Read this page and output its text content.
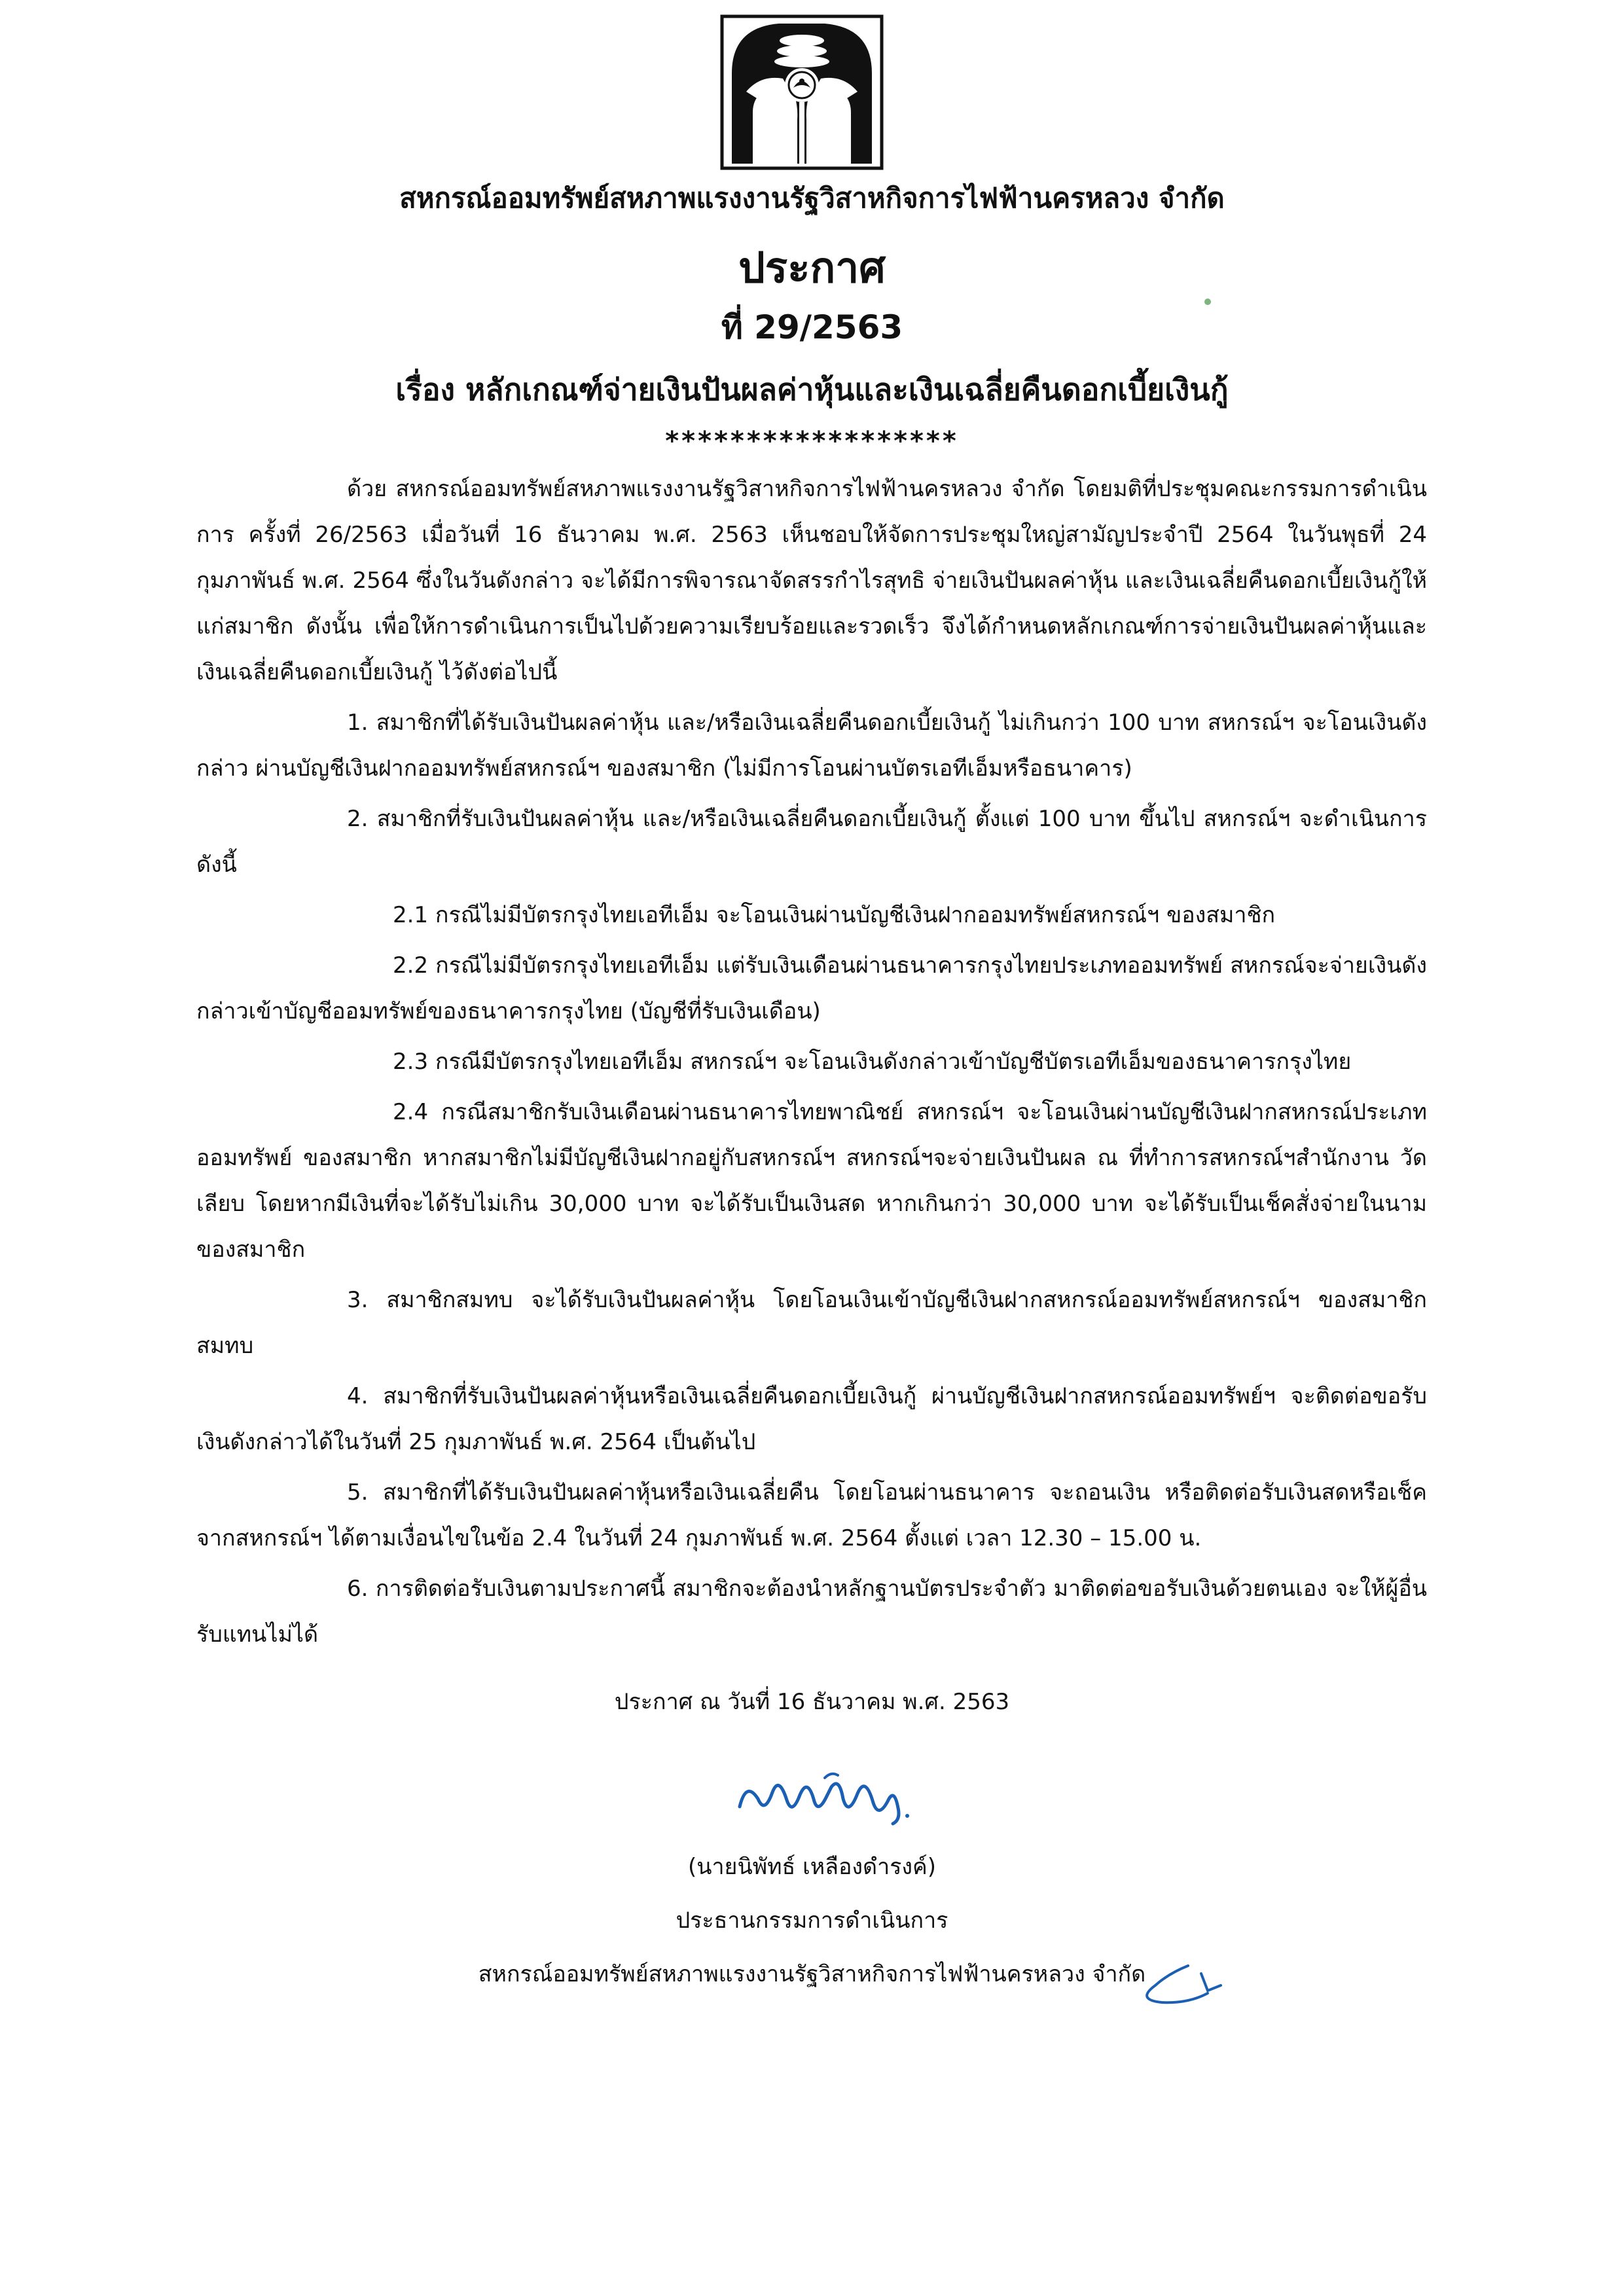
สหกรณ์ออมทรัพย์สหภาพแรงงานรัฐวิสาหกิจการไฟฟ้านครหลวง จำกัด
ประกาศ
ที่ 29/2563
เรื่อง หลักเกณฑ์จ่ายเงินปันผลค่าหุ้นและเงินเฉลี่ยคืนดอกเบี้ยเงินกู้
******************

ด้วย สหกรณ์ออมทรัพย์สหภาพแรงงานรัฐวิสาหกิจการไฟฟ้านครหลวง จำกัด โดยมติที่ประชุมคณะกรรมการดำเนินการ ครั้งที่ 26/2563 เมื่อวันที่ 16 ธันวาคม พ.ศ. 2563 เห็นชอบให้จัดการประชุมใหญ่สามัญประจำปี 2564 ในวันพุธที่ 24 กุมภาพันธ์ พ.ศ. 2564 ซึ่งในวันดังกล่าว จะได้มีการพิจารณาจัดสรรกำไรสุทธิ จ่ายเงินปันผลค่าหุ้น และเงินเฉลี่ยคืนดอกเบี้ยเงินกู้ให้แก่สมาชิก ดังนั้น เพื่อให้การดำเนินการเป็นไปด้วยความเรียบร้อยและรวดเร็ว จึงได้กำหนดหลักเกณฑ์การจ่ายเงินปันผลค่าหุ้นและเงินเฉลี่ยคืนดอกเบี้ยเงินกู้ ไว้ดังต่อไปนี้

1. สมาชิกที่ได้รับเงินปันผลค่าหุ้น และ/หรือเงินเฉลี่ยคืนดอกเบี้ยเงินกู้ ไม่เกินกว่า 100 บาท สหกรณ์ฯ จะโอนเงินดังกล่าว ผ่านบัญชีเงินฝากออมทรัพย์สหกรณ์ฯ ของสมาชิก (ไม่มีการโอนผ่านบัตรเอทีเอ็มหรือธนาคาร)

2. สมาชิกที่รับเงินปันผลค่าหุ้น และ/หรือเงินเฉลี่ยคืนดอกเบี้ยเงินกู้ ตั้งแต่ 100 บาท ขึ้นไป สหกรณ์ฯ จะดำเนินการดังนี้

2.1 กรณีไม่มีบัตรกรุงไทยเอทีเอ็ม จะโอนเงินผ่านบัญชีเงินฝากออมทรัพย์สหกรณ์ฯ ของสมาชิก

2.2 กรณีไม่มีบัตรกรุงไทยเอทีเอ็ม แต่รับเงินเดือนผ่านธนาคารกรุงไทยประเภทออมทรัพย์ สหกรณ์จะจ่ายเงินดังกล่าวเข้าบัญชีออมทรัพย์ของธนาคารกรุงไทย (บัญชีที่รับเงินเดือน)

2.3 กรณีมีบัตรกรุงไทยเอทีเอ็ม สหกรณ์ฯ จะโอนเงินดังกล่าวเข้าบัญชีบัตรเอทีเอ็มของธนาคารกรุงไทย

2.4 กรณีสมาชิกรับเงินเดือนผ่านธนาคารไทยพาณิชย์ สหกรณ์ฯ จะโอนเงินผ่านบัญชีเงินฝากสหกรณ์ประเภทออมทรัพย์ ของสมาชิก หากสมาชิกไม่มีบัญชีเงินฝากอยู่กับสหกรณ์ฯ สหกรณ์ฯจะจ่ายเงินปันผล ณ ที่ทำการสหกรณ์ฯสำนักงาน วัดเลียบ โดยหากมีเงินที่จะได้รับไม่เกิน 30,000 บาท จะได้รับเป็นเงินสด หากเกินกว่า 30,000 บาท จะได้รับเป็นเช็คสั่งจ่ายในนามของสมาชิก

3. สมาชิกสมทบ จะได้รับเงินปันผลค่าหุ้น โดยโอนเงินเข้าบัญชีเงินฝากสหกรณ์ออมทรัพย์สหกรณ์ฯ ของสมาชิกสมทบ

4. สมาชิกที่รับเงินปันผลค่าหุ้นหรือเงินเฉลี่ยคืนดอกเบี้ยเงินกู้ ผ่านบัญชีเงินฝากสหกรณ์ออมทรัพย์ฯ จะติดต่อขอรับเงินดังกล่าวได้ในวันที่ 25 กุมภาพันธ์ พ.ศ. 2564 เป็นต้นไป

5. สมาชิกที่ได้รับเงินปันผลค่าหุ้นหรือเงินเฉลี่ยคืน โดยโอนผ่านธนาคาร จะถอนเงิน หรือติดต่อรับเงินสดหรือเช็คจากสหกรณ์ฯ ได้ตามเงื่อนไขในข้อ 2.4 ในวันที่ 24 กุมภาพันธ์ พ.ศ. 2564 ตั้งแต่ เวลา 12.30 – 15.00 น.

6. การติดต่อรับเงินตามประกาศนี้ สมาชิกจะต้องนำหลักฐานบัตรประจำตัว มาติดต่อขอรับเงินด้วยตนเอง จะให้ผู้อื่นรับแทนไม่ได้

ประกาศ ณ วันที่ 16 ธันวาคม พ.ศ. 2563
(นายนิพัทธ์ เหลืองดำรงค์)
ประธานกรรมการดำเนินการ
สหกรณ์ออมทรัพย์สหภาพแรงงานรัฐวิสาหกิจการไฟฟ้านครหลวง จำกัด
